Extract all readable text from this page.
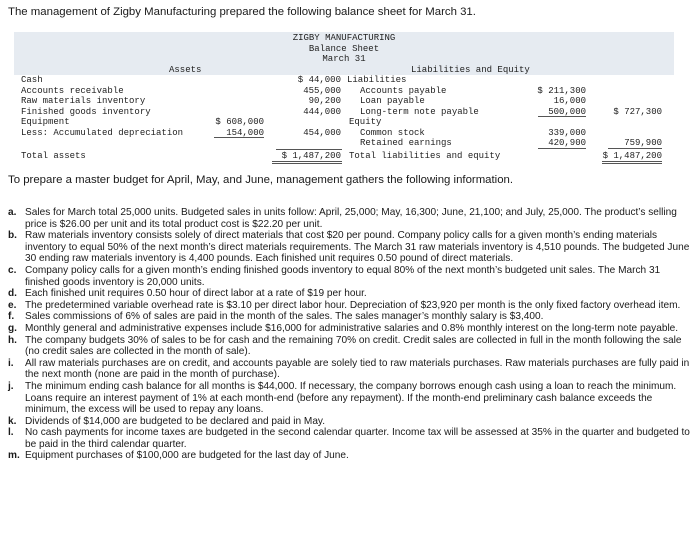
The management of Zigby Manufacturing prepared the following balance sheet for March 31.
ZIGBY MANUFACTURING
Balance Sheet
March 31
Assets	Liabilities and Equity
Cash
Accounts receivable
Raw materials inventory
Finished goods inventory
Equipment
Less: Accumulated depreciation
Total assets
$ 608,000
154,000
$ 44,000
455,000
90,200
444,000
454,000
$ 1,487,200
Liabilities
Accounts payable
Loan payable
Long-term note payable
Equity
Common stock
Retained earnings
Total liabilities and equity
$ 211,300
16,000
500,000
339,000
420,900
$ 727,300
759,900
$ 1,487,200
To prepare a master budget for April, May, and June, management gathers the following information.
a. Sales for March total 25,000 units. Budgeted sales in units follow: April, 25,000; May, 16,300; June, 21,100; and July, 25,000. The product’s selling price is $26.00 per unit and its total product cost is $22.20 per unit.
b. Raw materials inventory consists solely of direct materials that cost $20 per pound. Company policy calls for a given month’s ending materials inventory to equal 50% of the next month’s direct materials requirements. The March 31 raw materials inventory is 4,510 pounds. The budgeted June 30 ending raw materials inventory is 4,400 pounds. Each finished unit requires 0.50 pound of direct materials.
c. Company policy calls for a given month’s ending finished goods inventory to equal 80% of the next month’s budgeted unit sales. The March 31 finished goods inventory is 20,000 units.
d. Each finished unit requires 0.50 hour of direct labor at a rate of $19 per hour.
e. The predetermined variable overhead rate is $3.10 per direct labor hour. Depreciation of $23,920 per month is the only fixed factory overhead item.
f. Sales commissions of 6% of sales are paid in the month of the sales. The sales manager’s monthly salary is $3,400.
g. Monthly general and administrative expenses include $16,000 for administrative salaries and 0.8% monthly interest on the long-term note payable.
h. The company budgets 30% of sales to be for cash and the remaining 70% on credit. Credit sales are collected in full in the month following the sale (no credit sales are collected in the month of sale).
i. All raw materials purchases are on credit, and accounts payable are solely tied to raw materials purchases. Raw materials purchases are fully paid in the next month (none are paid in the month of purchase).
j. The minimum ending cash balance for all months is $44,000. If necessary, the company borrows enough cash using a loan to reach the minimum. Loans require an interest payment of 1% at each month-end (before any repayment). If the month-end preliminary cash balance exceeds the minimum, the excess will be used to repay any loans.
k. Dividends of $14,000 are budgeted to be declared and paid in May.
l. No cash payments for income taxes are budgeted in the second calendar quarter. Income tax will be assessed at 35% in the quarter and budgeted to be paid in the third calendar quarter.
m. Equipment purchases of $100,000 are budgeted for the last day of June.
